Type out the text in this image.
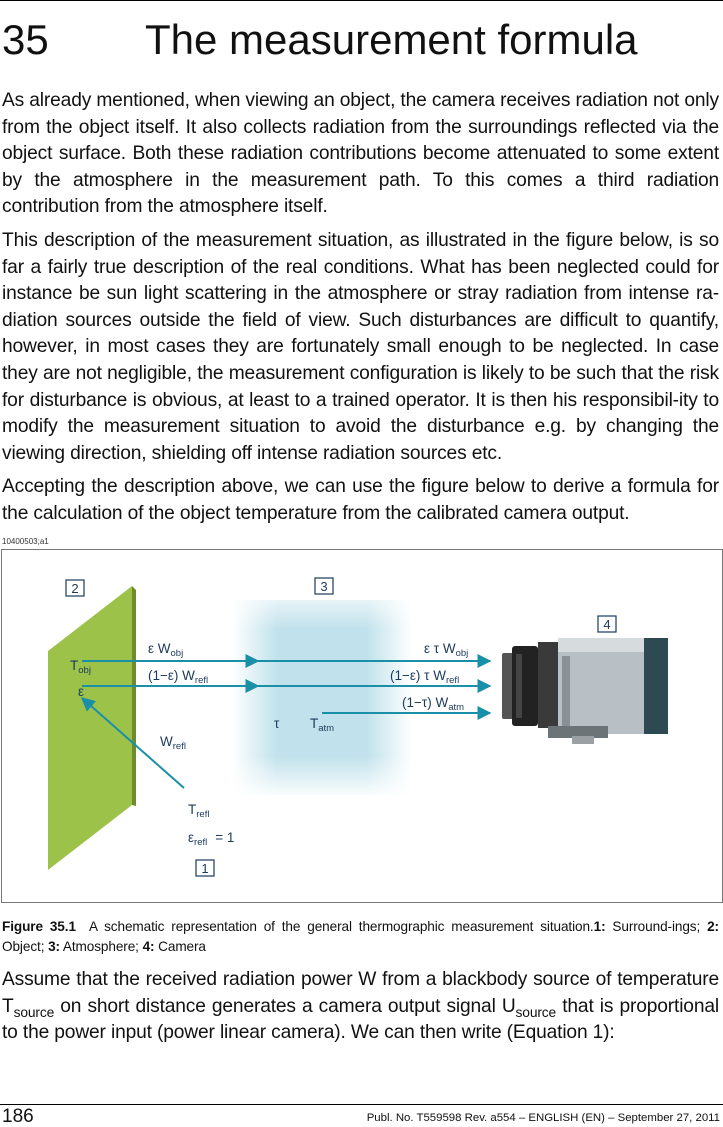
35 The measurement formula

As already mentioned, when viewing an object, the camera receives radiation not only from the object itself. It also collects radiation from the surroundings reflected via the object surface. Both these radiation contributions become attenuated to some extent by the atmosphere in the measurement path. To this comes a third radiation contribution from the atmosphere itself.

This description of the measurement situation, as illustrated in the figure below, is so far a fairly true description of the real conditions. What has been neglected could for instance be sun light scattering in the atmosphere or stray radiation from intense ra-diation sources outside the field of view. Such disturbances are difficult to quantify, however, in most cases they are fortunately small enough to be neglected. In case they are not negligible, the measurement configuration is likely to be such that the risk for disturbance is obvious, at least to a trained operator. It is then his responsibil-ity to modify the measurement situation to avoid the disturbance e.g. by changing the viewing direction, shielding off intense radiation sources etc.

Accepting the description above, we can use the figure below to derive a formula for the calculation of the object temperature from the calibrated camera output.

10400503;a1
2	3
4
1
ε $W_{obj}$
(1−ε) $W_{refl}$
ε τ $W_{obj}$
(1−ε) τ $W_{refl}$
(1−τ) $W_{atm}$
$W_{refl}$
$T_{obj}$
ε
τ $T_{atm}$
$T_{refl}$
$\varepsilon_{refl} = 1$

Figure 35.1 A schematic representation of the general thermographic measurement situation.1: Surround-ings; 2: Object; 3: Atmosphere; 4: Camera

Assume that the received radiation power W from a blackbody source of temperature $T_{source}$ on short distance generates a camera output signal $U_{source}$ that is proportional to the power input (power linear camera). We can then write (Equation 1):

186	Publ. No. T559598 Rev. a554 – ENGLISH (EN) – September 27, 2011
